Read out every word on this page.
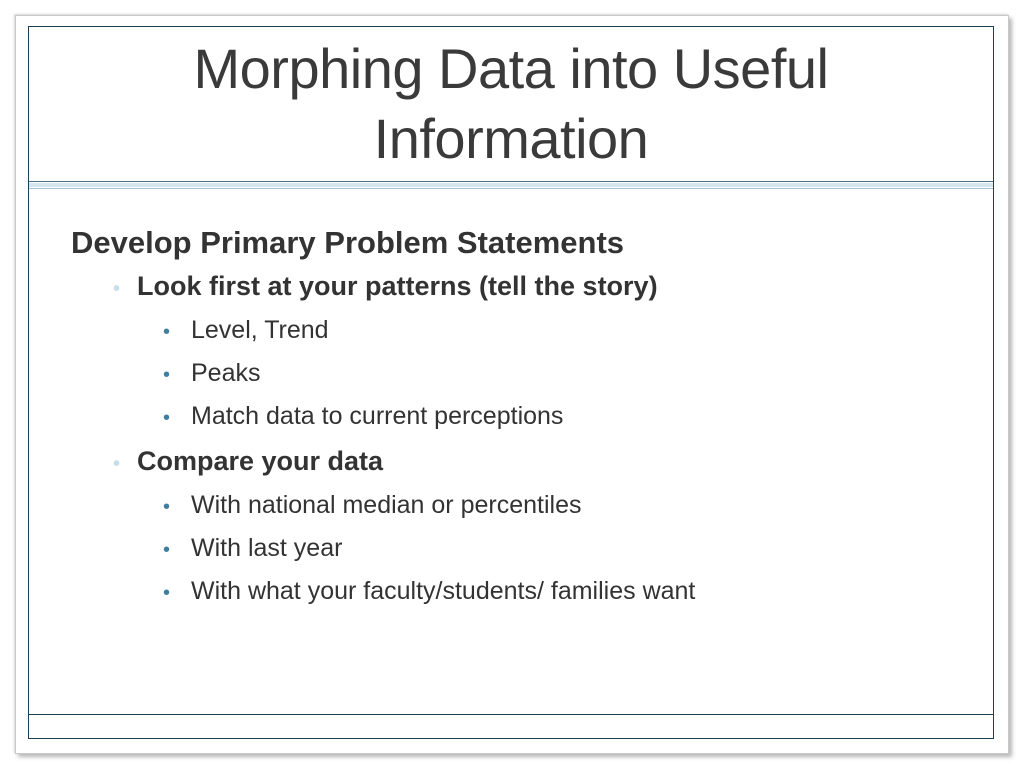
Morphing Data into Useful Information
Develop Primary Problem Statements
• Look first at your patterns (tell the story)
• Level, Trend
• Peaks
• Match data to current perceptions
• Compare your data
• With national median or percentiles
• With last year
• With what your faculty/students/ families want
